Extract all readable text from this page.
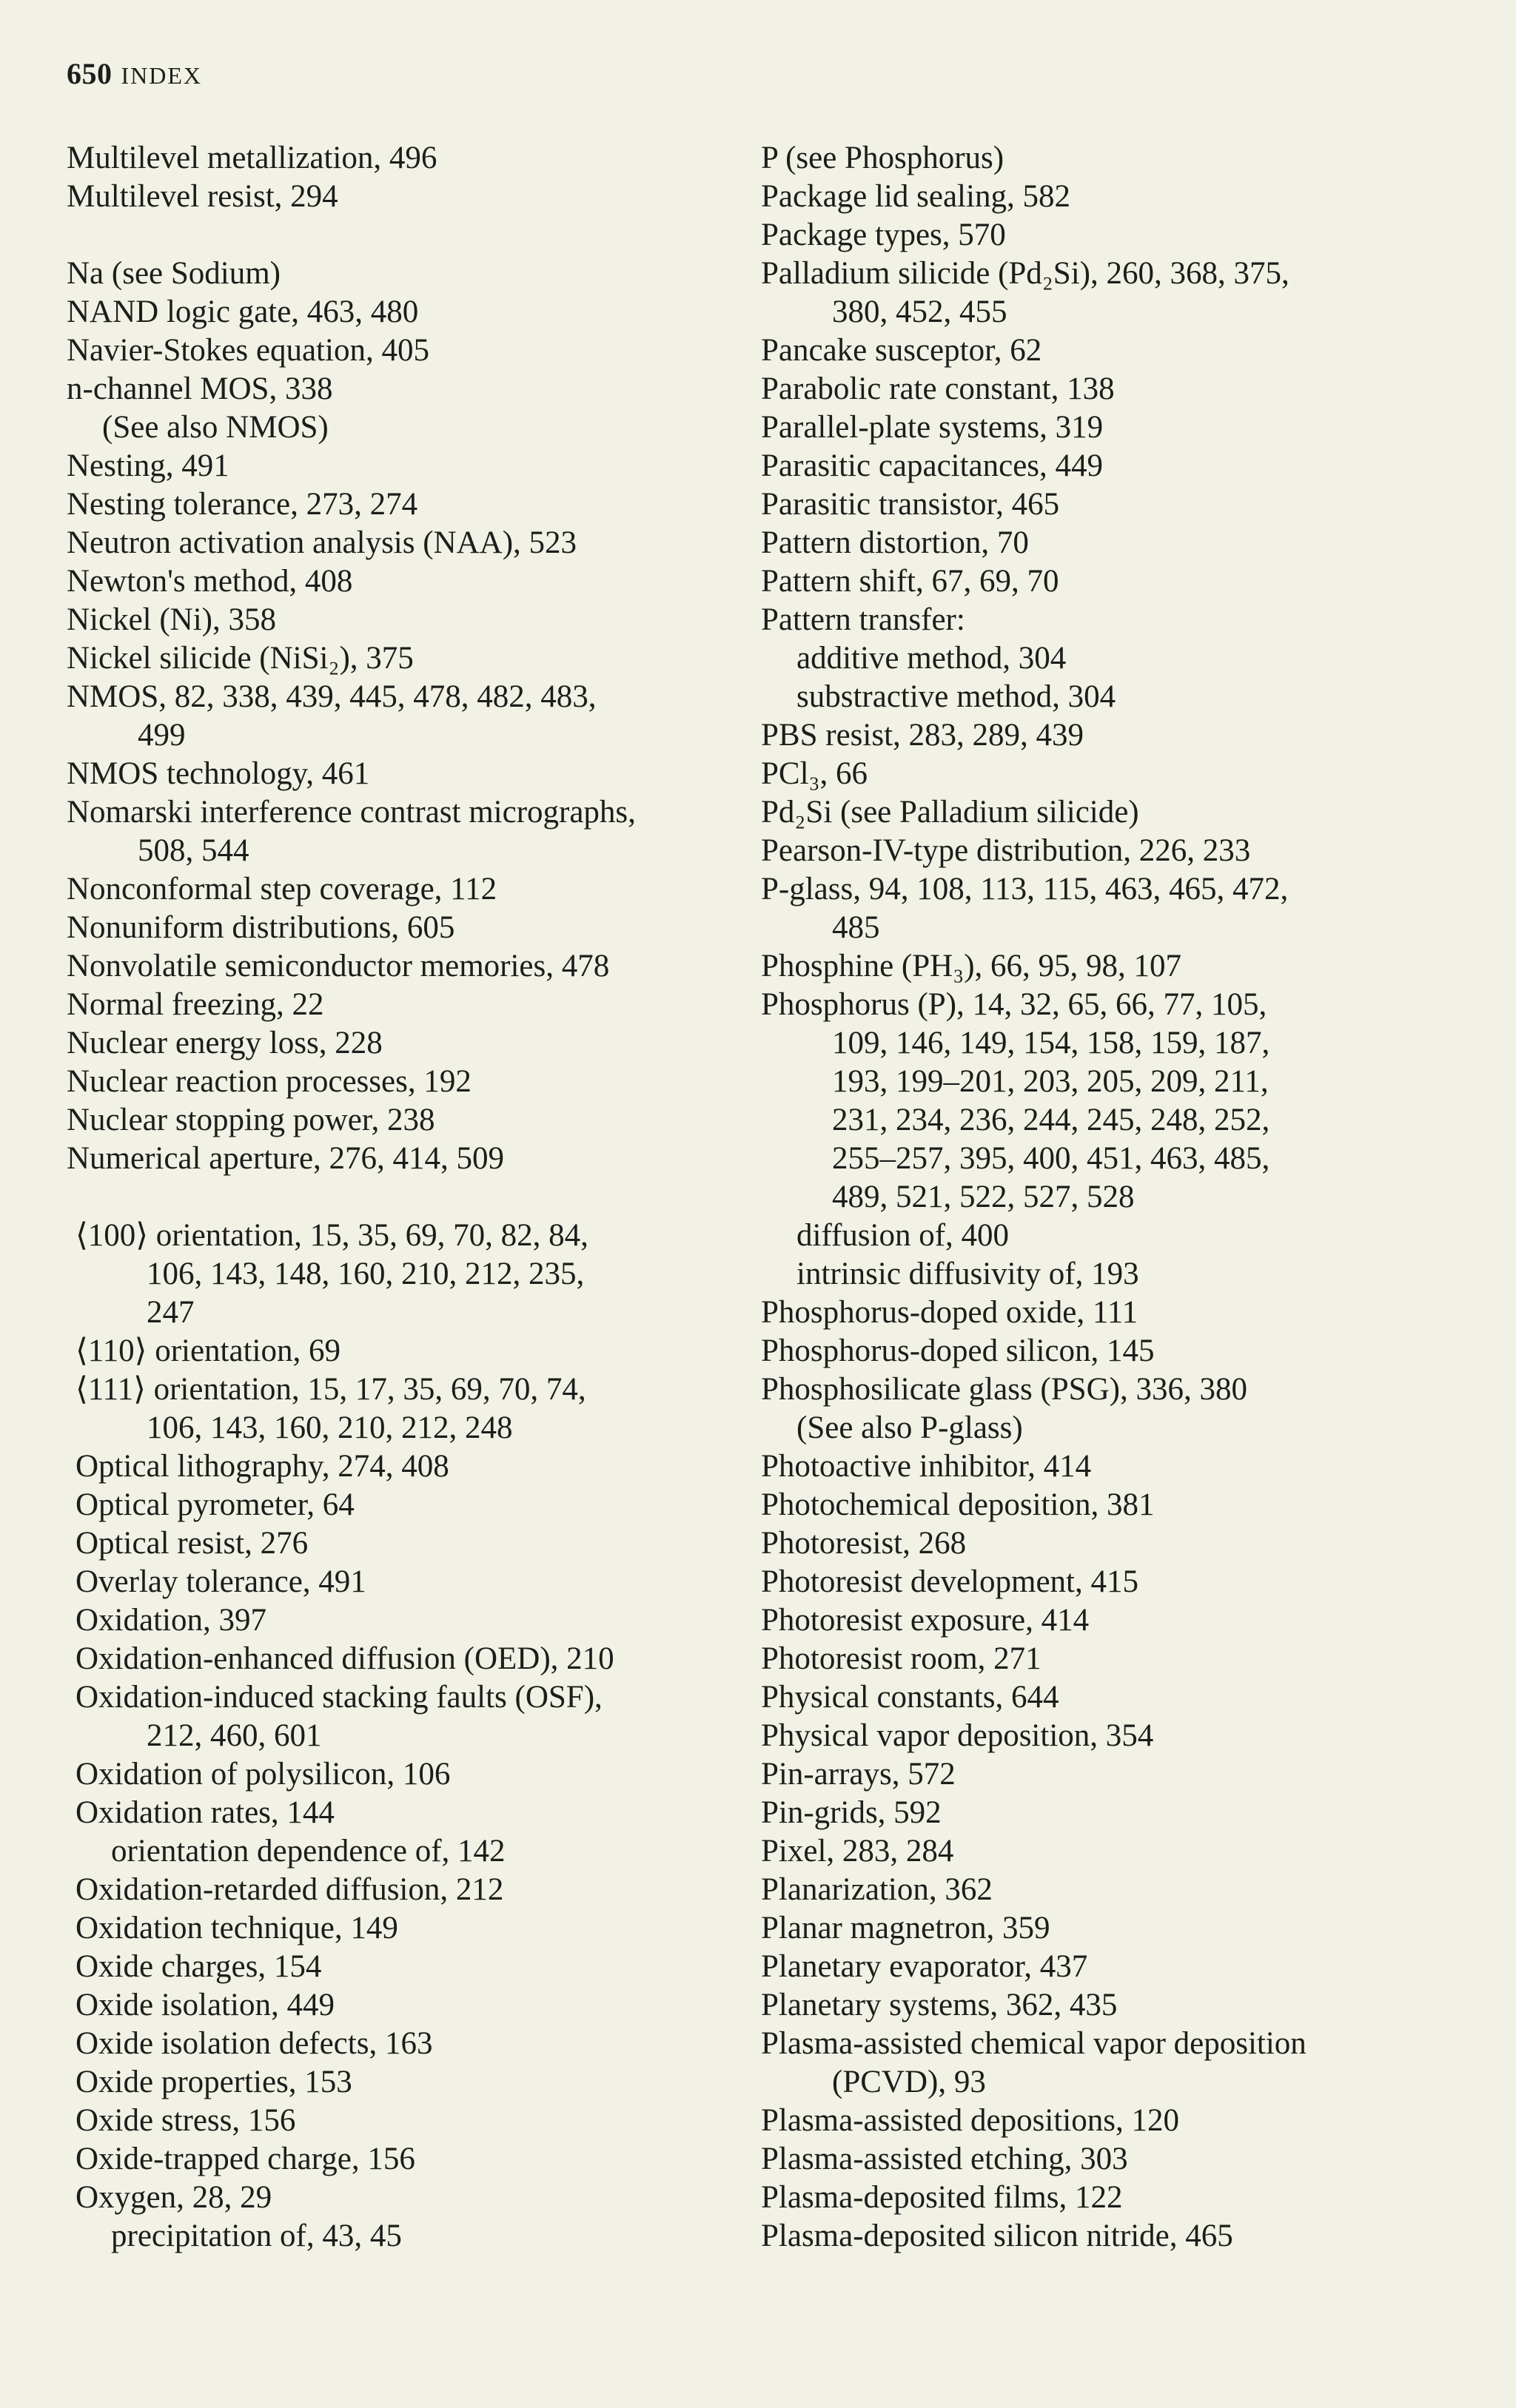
650 INDEX
Multilevel metallization, 496
Multilevel resist, 294
Na (see Sodium)
NAND logic gate, 463, 480
Navier-Stokes equation, 405
n-channel MOS, 338
(See also NMOS)
Nesting, 491
Nesting tolerance, 273, 274
Neutron activation analysis (NAA), 523
Newton's method, 408
Nickel (Ni), 358
Nickel silicide (NiSi₂), 375
NMOS, 82, 338, 439, 445, 478, 482, 483,
499
NMOS technology, 461
Nomarski interference contrast micrographs,
508, 544
Nonconformal step coverage, 112
Nonuniform distributions, 605
Nonvolatile semiconductor memories, 478
Normal freezing, 22
Nuclear energy loss, 228
Nuclear reaction processes, 192
Nuclear stopping power, 238
Numerical aperture, 276, 414, 509
⟨100⟩ orientation, 15, 35, 69, 70, 82, 84,
106, 143, 148, 160, 210, 212, 235,
247
⟨110⟩ orientation, 69
⟨111⟩ orientation, 15, 17, 35, 69, 70, 74,
106, 143, 160, 210, 212, 248
Optical lithography, 274, 408
Optical pyrometer, 64
Optical resist, 276
Overlay tolerance, 491
Oxidation, 397
Oxidation-enhanced diffusion (OED), 210
Oxidation-induced stacking faults (OSF),
212, 460, 601
Oxidation of polysilicon, 106
Oxidation rates, 144
orientation dependence of, 142
Oxidation-retarded diffusion, 212
Oxidation technique, 149
Oxide charges, 154
Oxide isolation, 449
Oxide isolation defects, 163
Oxide properties, 153
Oxide stress, 156
Oxide-trapped charge, 156
Oxygen, 28, 29
precipitation of, 43, 45
P (see Phosphorus)
Package lid sealing, 582
Package types, 570
Palladium silicide (Pd₂Si), 260, 368, 375,
380, 452, 455
Pancake susceptor, 62
Parabolic rate constant, 138
Parallel-plate systems, 319
Parasitic capacitances, 449
Parasitic transistor, 465
Pattern distortion, 70
Pattern shift, 67, 69, 70
Pattern transfer:
additive method, 304
substractive method, 304
PBS resist, 283, 289, 439
PCl₃, 66
Pd₂Si (see Palladium silicide)
Pearson-IV-type distribution, 226, 233
P-glass, 94, 108, 113, 115, 463, 465, 472,
485
Phosphine (PH₃), 66, 95, 98, 107
Phosphorus (P), 14, 32, 65, 66, 77, 105,
109, 146, 149, 154, 158, 159, 187,
193, 199–201, 203, 205, 209, 211,
231, 234, 236, 244, 245, 248, 252,
255–257, 395, 400, 451, 463, 485,
489, 521, 522, 527, 528
diffusion of, 400
intrinsic diffusivity of, 193
Phosphorus-doped oxide, 111
Phosphorus-doped silicon, 145
Phosphosilicate glass (PSG), 336, 380
(See also P-glass)
Photoactive inhibitor, 414
Photochemical deposition, 381
Photoresist, 268
Photoresist development, 415
Photoresist exposure, 414
Photoresist room, 271
Physical constants, 644
Physical vapor deposition, 354
Pin-arrays, 572
Pin-grids, 592
Pixel, 283, 284
Planarization, 362
Planar magnetron, 359
Planetary evaporator, 437
Planetary systems, 362, 435
Plasma-assisted chemical vapor deposition
(PCVD), 93
Plasma-assisted depositions, 120
Plasma-assisted etching, 303
Plasma-deposited films, 122
Plasma-deposited silicon nitride, 465
